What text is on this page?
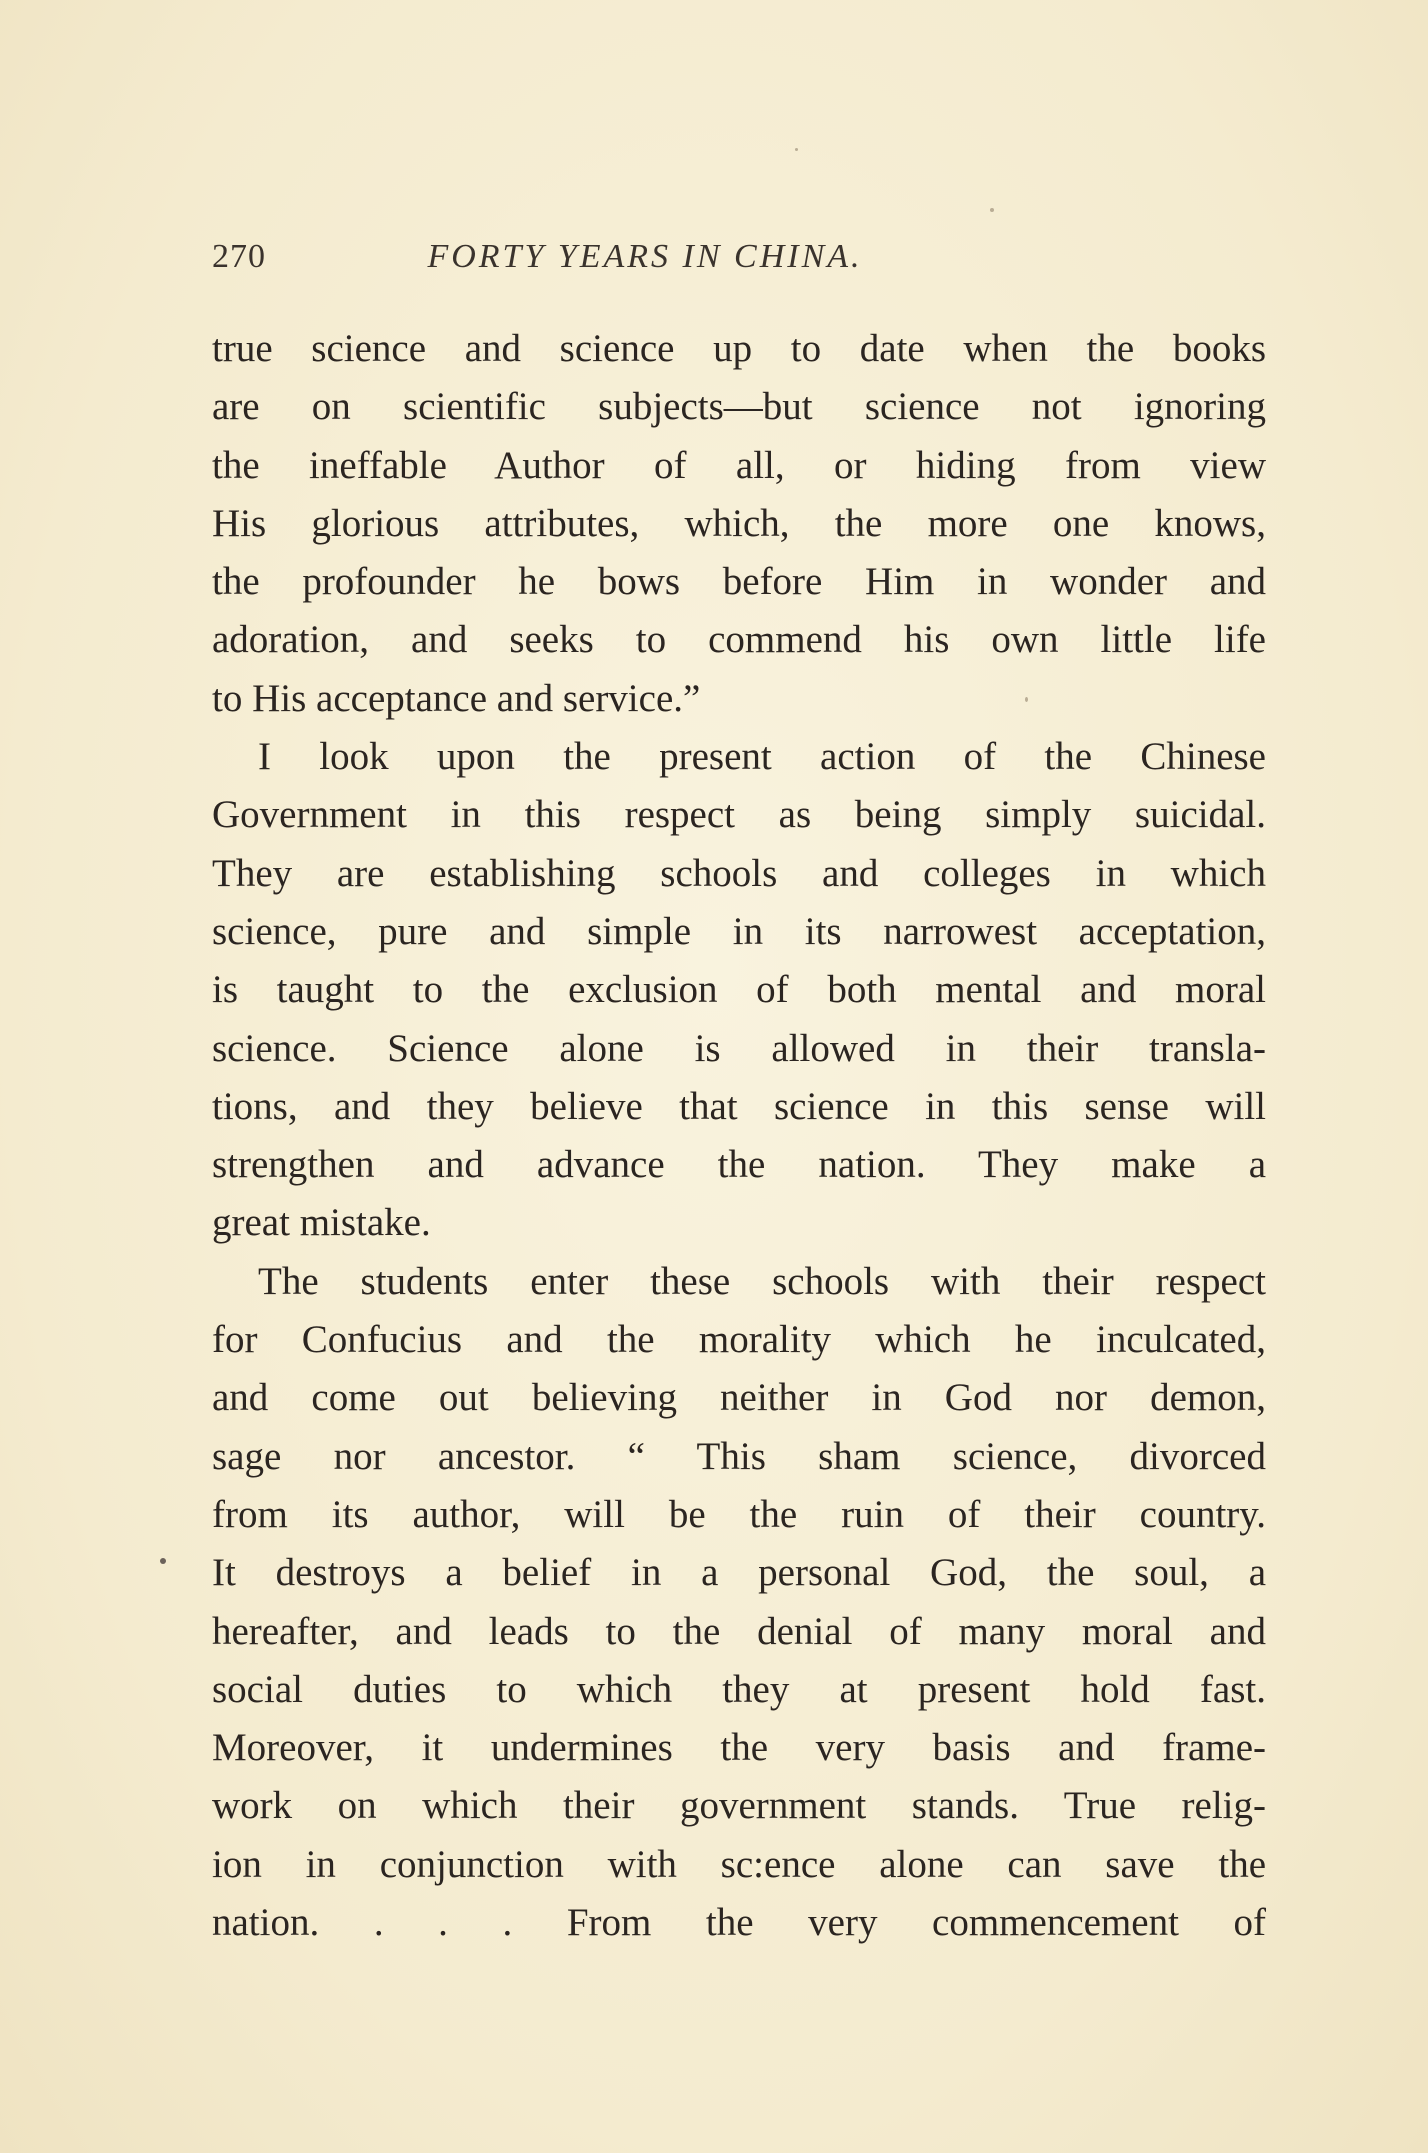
270	FORTY YEARS IN CHINA.
true science and science up to date when the books
are on scientific subjects—but science not ignoring
the ineffable Author of all, or hiding from view
His glorious attributes, which, the more one knows,
the profounder he bows before Him in wonder and
adoration, and seeks to commend his own little life
to His acceptance and service.”
I look upon the present action of the Chinese
Government in this respect as being simply suicidal.
They are establishing schools and colleges in which
science, pure and simple in its narrowest acceptation,
is taught to the exclusion of both mental and moral
science. Science alone is allowed in their transla-
tions, and they believe that science in this sense will
strengthen and advance the nation. They make a
great mistake.
The students enter these schools with their respect
for Confucius and the morality which he inculcated,
and come out believing neither in God nor demon,
sage nor ancestor. “ This sham science, divorced
from its author, will be the ruin of their country.
It destroys a belief in a personal God, the soul, a
hereafter, and leads to the denial of many moral and
social duties to which they at present hold fast.
Moreover, it undermines the very basis and frame-
work on which their government stands. True relig-
ion in conjunction with sc:ence alone can save the
nation. . . . From the very commencement of
